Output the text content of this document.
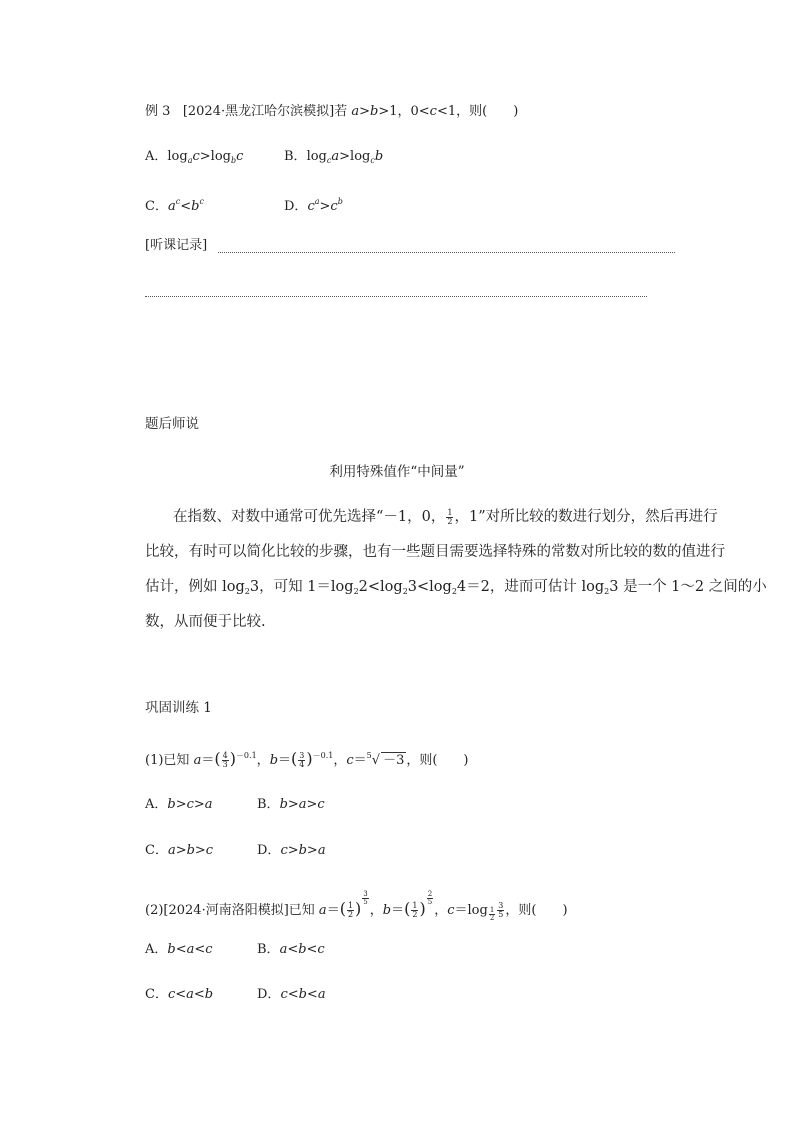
例 3 [2024·黑龙江哈尔滨模拟]若 a>b>1，0<c<1，则(　　)
A．$\log_ac>\log_bc$	B．$\log_ca>\log_cb$
C．$a^c<b^c$	D．$c^a>c^b$
[听课记录]
题后师说
利用特殊值作“中间量”
在指数、对数中通常可优先选择“－1，0， $\frac{1}{2}$ ，1”对所比较的数进行划分，然后再进行
比较，有时可以简化比较的步骤，也有一些题目需要选择特殊的常数对所比较的数的值进行
估计，例如 $\log_23$，可知 $1=\log_22<\log_23<\log_24=2$，进而可估计 $\log_23$ 是一个 1～2 之间的小
数，从而便于比较.
巩固训练 1
(1)已知 $a=( \frac{4}{3} )^{-0.1}$，$b=( \frac{3}{4} )^{-0.1}$，c＝$^5$√ －3 ，则(　　)
A．b>c>a	B．b>a>c
C．a>b>c	D．c>b>a
(2)[2024·河南洛阳模拟]已知 $a=( \frac{1}{2}$ )
$\frac{3}{5}$
，$b=( \frac{1}{2}$ )
$\frac{2}{5}$
，$c=\log \frac{1}{2} \frac{3}{5}$ ，则(　　)
A．b<a<c	B．a<b<c
C．c<a<b	D．c<b<a
